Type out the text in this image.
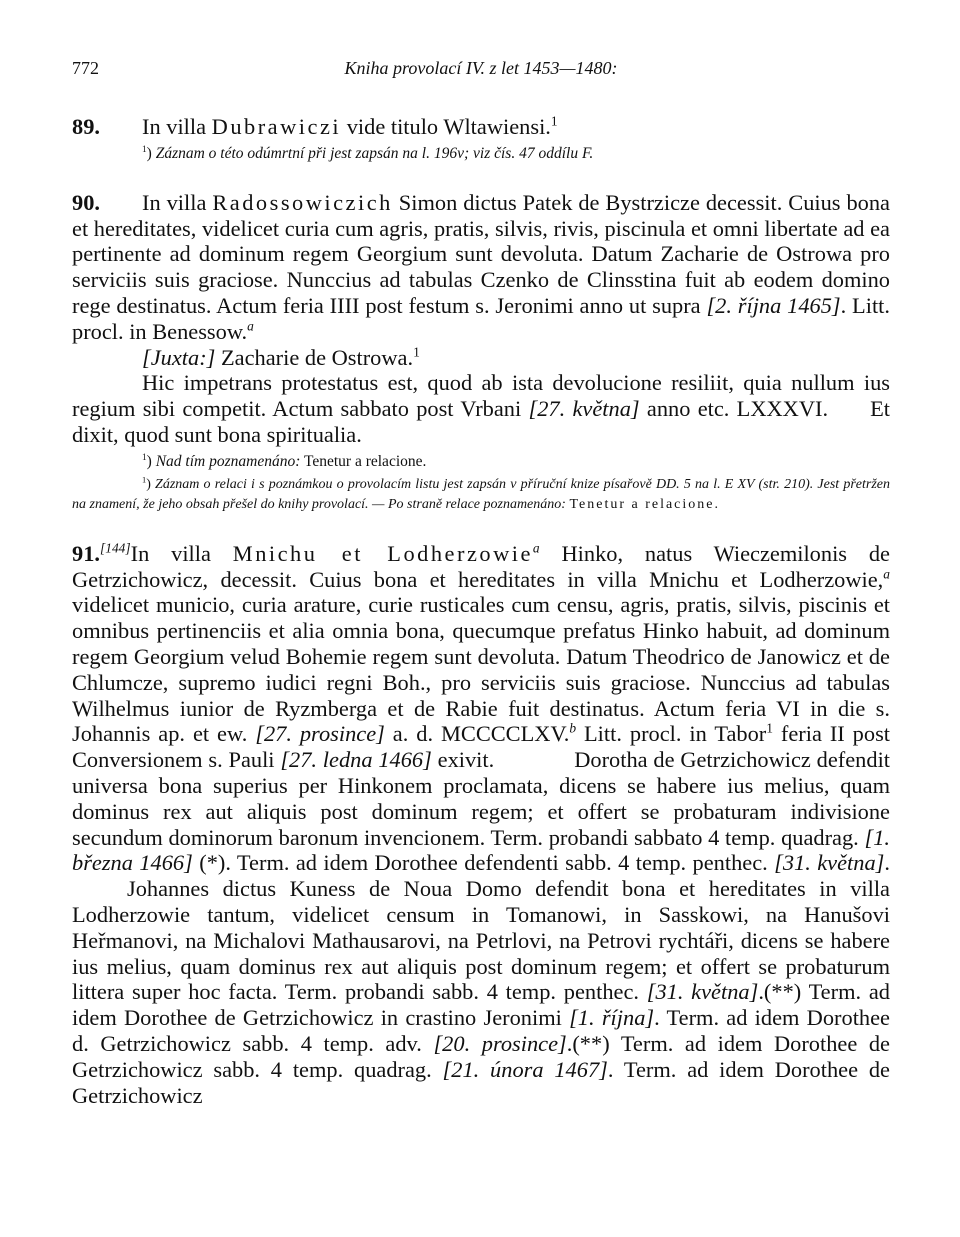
772	Kniha provolací IV. z let 1453—1480:

89. In villa Dubrawiczi vide titulo Wltawiensi.$^1$

$^1$) Záznam o této odúmrtní při jest zapsán na l. 196v; viz čís. 47 oddílu F.

90. In villa Radossowiczich Simon dictus Patek de Bystrzicze decessit. Cuius bona et hereditates, videlicet curia cum agris, pratis, silvis, rivis, piscinula et omni libertate ad ea pertinente ad dominum regem Georgium sunt devoluta. Datum Zacharie de Ostrowa pro serviciis suis graciose. Nunccius ad tabulas Czenko de Clinsstina fuit ab eodem domino rege destinatus. Actum feria IIII post festum s. Jeronimi anno ut supra [2. října 1465]. Litt. procl. in Benessow.$^a$

[Juxta:] Zacharie de Ostrowa.$^1$

Hic impetrans protestatus est, quod ab ista devolucione resiliit, quia nullum ius regium sibi competit. Actum sabbato post Vrbani [27. května] anno etc. LXXXVI. Et dixit, quod sunt bona spiritualia.

$^1$) Nad tím poznamenáno: Tenetur a relacione.

$^1$) Záznam o relaci i s poznámkou o provolacím listu jest zapsán v příruční knize písařově DD. 5 na l. E XV (str. 210). Jest přetržen na znamení, že jeho obsah přešel do knihy provolací. — Po straně relace poznamenáno: Tenetur a relacione.

91.[144]In villa Mnichu et Lodherzowie$^a$ Hinko, natus Wieczemilonis de Getrzichowicz, decessit. Cuius bona et hereditates in villa Mnichu et Lodherzowie,$^a$ videlicet municio, curia arature, curie rusticales cum censu, agris, pratis, silvis, piscinis et omnibus pertinenciis et alia omnia bona, quecumque prefatus Hinko habuit, ad dominum regem Georgium velud Bohemie regem sunt devoluta. Datum Theodrico de Janowicz et de Chlumcze, supremo iudici regni Boh., pro serviciis suis graciose. Nunccius ad tabulas Wilhelmus iunior de Ryzmberga et de Rabie fuit destinatus. Actum feria VI in die s. Johannis ap. et ew. [27. prosince] a. d. MCCCCLXV.$^b$ Litt. procl. in Tabor$^1$ feria II post Conversionem s. Pauli [27. ledna 1466] exivit.	Dorotha de Getrzichowicz defendit universa bona superius per Hinkonem proclamata, dicens se habere ius melius, quam dominus rex aut aliquis post dominum regem; et offert se probaturam indivisione secundum dominorum baronum invencionem. Term. probandi sabbato 4 temp. quadrag. [1. března 1466] (*). Term. ad idem Dorothee defendenti sabb. 4 temp. penthec. [31. května].Johannes dictus Kuness de Noua Domo defendit bona et hereditates in villa Lodherzowie tantum, videlicet censum in Tomanowi, in Sasskowi, na Hanušovi Heřmanovi, na Michalovi Mathausarovi, na Petrlovi, na Petrovi rychtáři, dicens se habere ius melius, quam dominus rex aut aliquis post dominum regem; et offert se probaturum littera super hoc facta. Term. probandi sabb. 4 temp. penthec. [31. května].(**) Term. ad idem Dorothee de Getrzichowicz in crastino Jeronimi [1. října]. Term. ad idem Dorothee d. Getrzichowicz sabb. 4 temp. adv. [20. prosince].(**) Term. ad idem Dorothee de Getrzichowicz sabb. 4 temp. quadrag. [21. února 1467]. Term. ad idem Dorothee de Getrzichowicz
